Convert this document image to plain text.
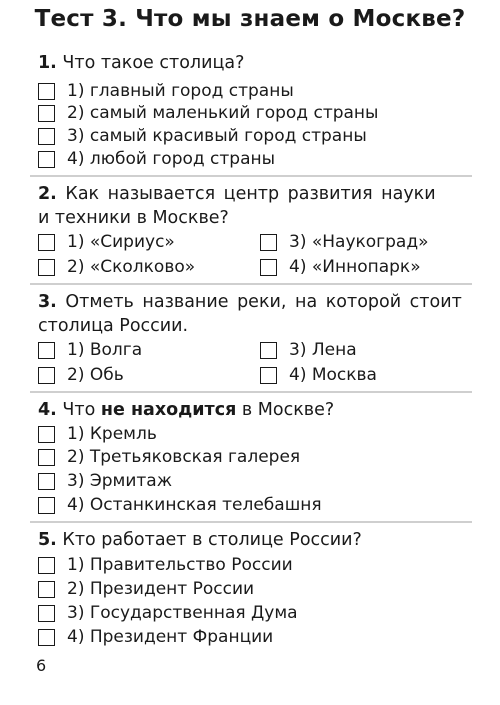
Тест 3. Что мы знаем о Москве?
1. Что такое столица?
1) главный город страны
2) самый маленький город страны
3) самый красивый город страны
4) любой город страны
2. Как называется центр развития науки
и техники в Москве?
1) «Сириус»
2) «Сколково»
3) «Наукоград»
4) «Иннопарк»
3. Отметь название реки, на которой стоит
столица России.
1) Волга
2) Обь
3) Лена
4) Москва
4. Что не находится в Москве?
1) Кремль
2) Третьяковская галерея
3) Эрмитаж
4) Останкинская телебашня
5. Кто работает в столице России?
1) Правительство России
2) Президент России
3) Государственная Дума
4) Президент Франции
6
